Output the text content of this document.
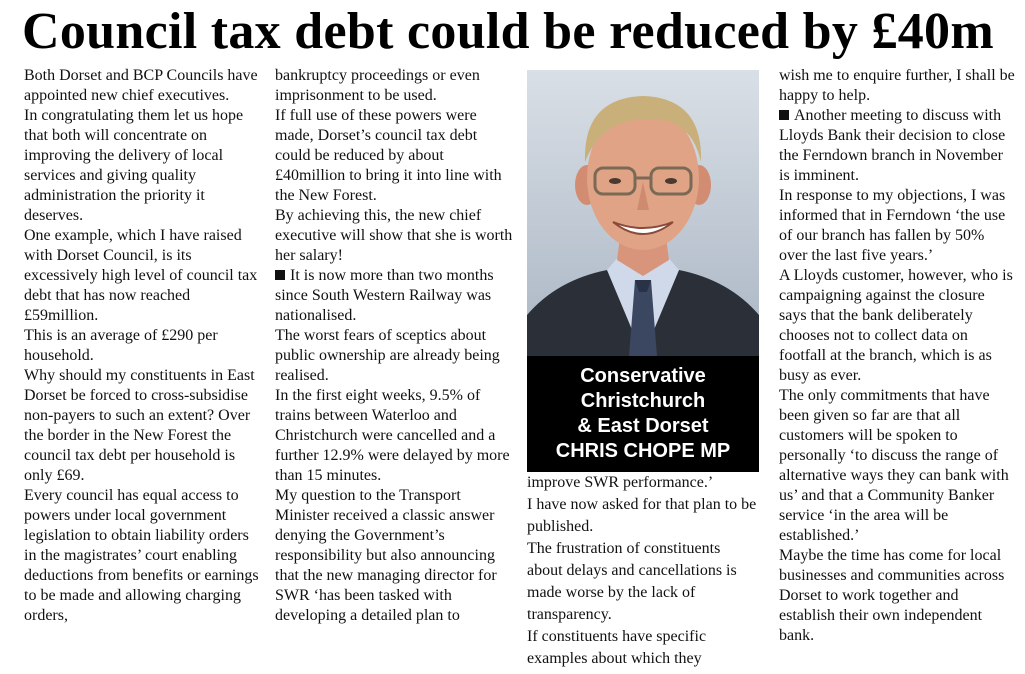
Council tax debt could be reduced by £40m

Both Dorset and BCP Councils have appointed new chief executives.

In congratulating them let us hope that both will concentrate on improving the delivery of local services and giving quality administration the priority it deserves.

One example, which I have raised with Dorset Council, is its excessively high level of council tax debt that has now reached £59million.

This is an average of £290 per household.

Why should my constituents in East Dorset be forced to cross-subsidise non-payers to such an extent? Over the border in the New Forest the council tax debt per household is only £69.

Every council has equal access to powers under local government legislation to obtain liability orders in the magistrates’ court enabling deductions from benefits or earnings to be made and allowing charging orders,

bankruptcy proceedings or even imprisonment to be used.

If full use of these powers were made, Dorset’s council tax debt could be reduced by about £40million to bring it into line with the New Forest.

By achieving this, the new chief executive will show that she is worth her salary!

It is now more than two months since South Western Railway was nationalised.

The worst fears of sceptics about public ownership are already being realised.

In the first eight weeks, 9.5% of trains between Waterloo and Christchurch were cancelled and a further 12.9% were delayed by more than 15 minutes.

My question to the Transport Minister received a classic answer denying the Government’s responsibility but also announcing that the new managing director for SWR ‘has been tasked with developing a detailed plan to

Conservative
Christchurch
& East Dorset
CHRIS CHOPE MP

improve SWR performance.’

I have now asked for that plan to be published.

The frustration of constituents about delays and cancellations is made worse by the lack of transparency.

If constituents have specific examples about which they

wish me to enquire further, I shall be happy to help.

Another meeting to discuss with Lloyds Bank their decision to close the Ferndown branch in November is imminent.

In response to my objections, I was informed that in Ferndown ‘the use of our branch has fallen by 50% over the last five years.’

A Lloyds customer, however, who is campaigning against the closure says that the bank deliberately chooses not to collect data on footfall at the branch, which is as busy as ever.

The only commitments that have been given so far are that all customers will be spoken to personally ‘to discuss the range of alternative ways they can bank with us’ and that a Community Banker service ‘in the area will be established.’

Maybe the time has come for local businesses and communities across Dorset to work together and establish their own independent bank.
